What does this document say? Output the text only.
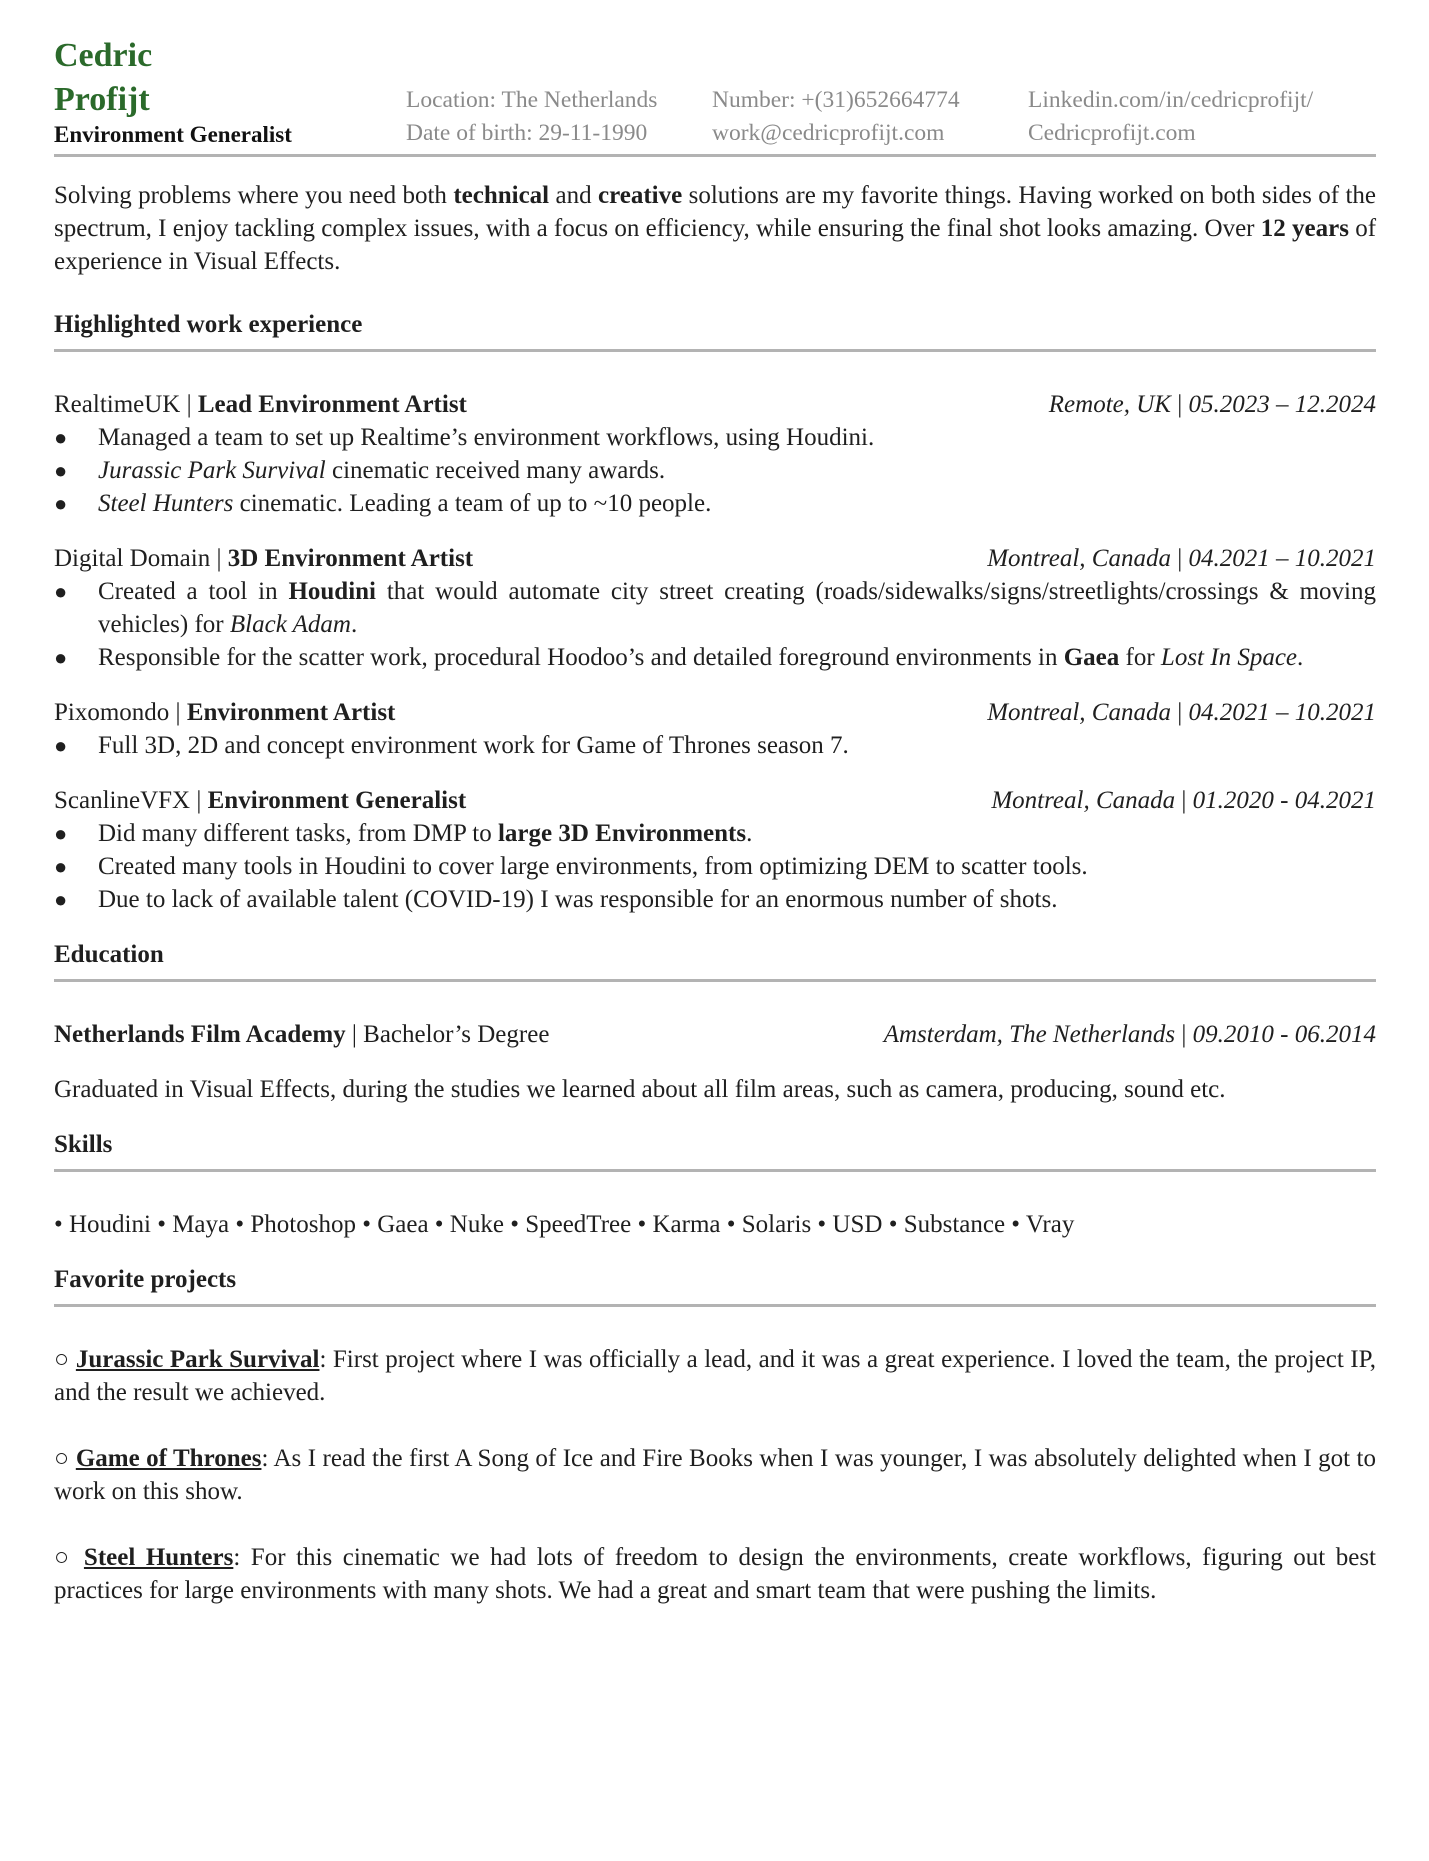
Cedric
Profijt
Environment Generalist
Location: The Netherlands
Date of birth: 29-11-1990
Number: +(31)652664774
work@cedricprofijt.com
Linkedin.com/in/cedricprofijt/
Cedricprofijt.com
Solving problems where you need both technical and creative solutions are my favorite things. Having worked on both sides of the spectrum, I enjoy tackling complex issues, with a focus on efficiency, while ensuring the final shot looks amazing. Over 12 years of experience in Visual Effects.
Highlighted work experience
RealtimeUK | Lead Environment Artist	Remote, UK | 05.2023 – 12.2024
● Managed a team to set up Realtime’s environment workflows, using Houdini.
● Jurassic Park Survival cinematic received many awards.
● Steel Hunters cinematic. Leading a team of up to ~10 people.
Digital Domain | 3D Environment Artist	Montreal, Canada | 04.2021 – 10.2021
● Created a tool in Houdini that would automate city street creating (roads/sidewalks/signs/streetlights/crossings & moving vehicles) for Black Adam.
● Responsible for the scatter work, procedural Hoodoo’s and detailed foreground environments in Gaea for Lost In Space.
Pixomondo | Environment Artist	Montreal, Canada | 04.2021 – 10.2021
● Full 3D, 2D and concept environment work for Game of Thrones season 7.
ScanlineVFX | Environment Generalist	Montreal, Canada | 01.2020 - 04.2021
● Did many different tasks, from DMP to large 3D Environments.
● Created many tools in Houdini to cover large environments, from optimizing DEM to scatter tools.
● Due to lack of available talent (COVID-19) I was responsible for an enormous number of shots.
Education
Netherlands Film Academy | Bachelor’s Degree	Amsterdam, The Netherlands | 09.2010 - 06.2014
Graduated in Visual Effects, during the studies we learned about all film areas, such as camera, producing, sound etc.
Skills
• Houdini • Maya • Photoshop • Gaea • Nuke • SpeedTree • Karma • Solaris • USD • Substance • Vray
Favorite projects
○ Jurassic Park Survival: First project where I was officially a lead, and it was a great experience. I loved the team, the project IP, and the result we achieved.
○ Game of Thrones: As I read the first A Song of Ice and Fire Books when I was younger, I was absolutely delighted when I got to work on this show.
○ Steel Hunters: For this cinematic we had lots of freedom to design the environments, create workflows, figuring out best practices for large environments with many shots. We had a great and smart team that were pushing the limits.
